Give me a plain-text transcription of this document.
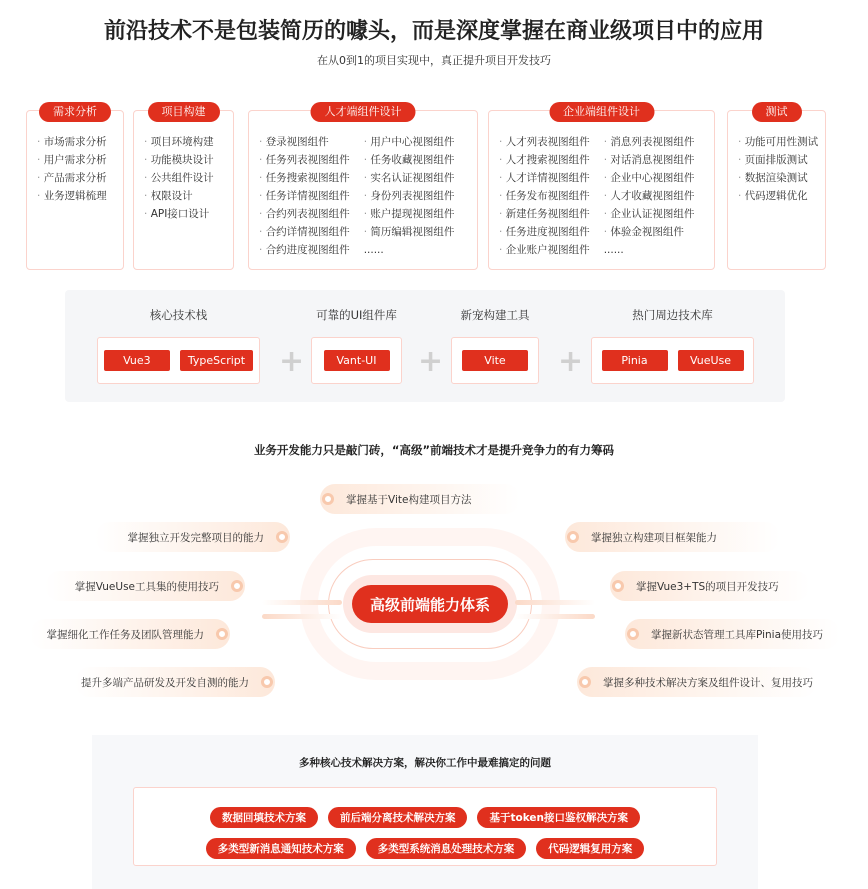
前沿技术不是包装简历的噱头，而是深度掌握在商业级项目中的应用
在从0到1的项目实现中，真正提升项目开发技巧
需求分析
· 市场需求分析
· 用户需求分析
· 产品需求分析
· 业务逻辑梳理
项目构建
· 项目环境构建
· 功能模块设计
· 公共组件设计
· 权限设计
· API接口设计
人才端组件设计
· 登录视图组件
· 任务列表视图组件
· 任务搜索视图组件
· 任务详情视图组件
· 合约列表视图组件
· 合约详情视图组件
· 合约进度视图组件
· 用户中心视图组件
· 任务收藏视图组件
· 实名认证视图组件
· 身份列表视图组件
· 账户提现视图组件
· 简历编辑视图组件
......
企业端组件设计
· 人才列表视图组件
· 人才搜索视图组件
· 人才详情视图组件
· 任务发布视图组件
· 新建任务视图组件
· 任务进度视图组件
· 企业账户视图组件
· 消息列表视图组件
· 对话消息视图组件
· 企业中心视图组件
· 人才收藏视图组件
· 企业认证视图组件
· 体验金视图组件
......
测试
· 功能可用性测试
· 页面排版测试
· 数据渲染测试
· 代码逻辑优化
核心技术栈
Vue3	TypeScript
可靠的UI组件库
Vant-UI
新宠构建工具
Vite
热门周边技术库
Pinia	VueUse
+	+	+
业务开发能力只是敲门砖，“高级”前端技术才是提升竞争力的有力筹码
高级前端能力体系
掌握基于Vite构建项目方法
掌握独立开发完整项目的能力
掌握VueUse工具集的使用技巧
掌握细化工作任务及团队管理能力
提升多端产品研发及开发自测的能力
掌握独立构建项目框架能力
掌握Vue3+TS的项目开发技巧
掌握新状态管理工具库Pinia使用技巧
掌握多种技术解决方案及组件设计、复用技巧
多种核心技术解决方案，解决你工作中最难搞定的问题
数据回填技术方案	前后端分离技术解决方案	基于token接口鉴权解决方案
多类型新消息通知技术方案	多类型系统消息处理技术方案	代码逻辑复用方案
